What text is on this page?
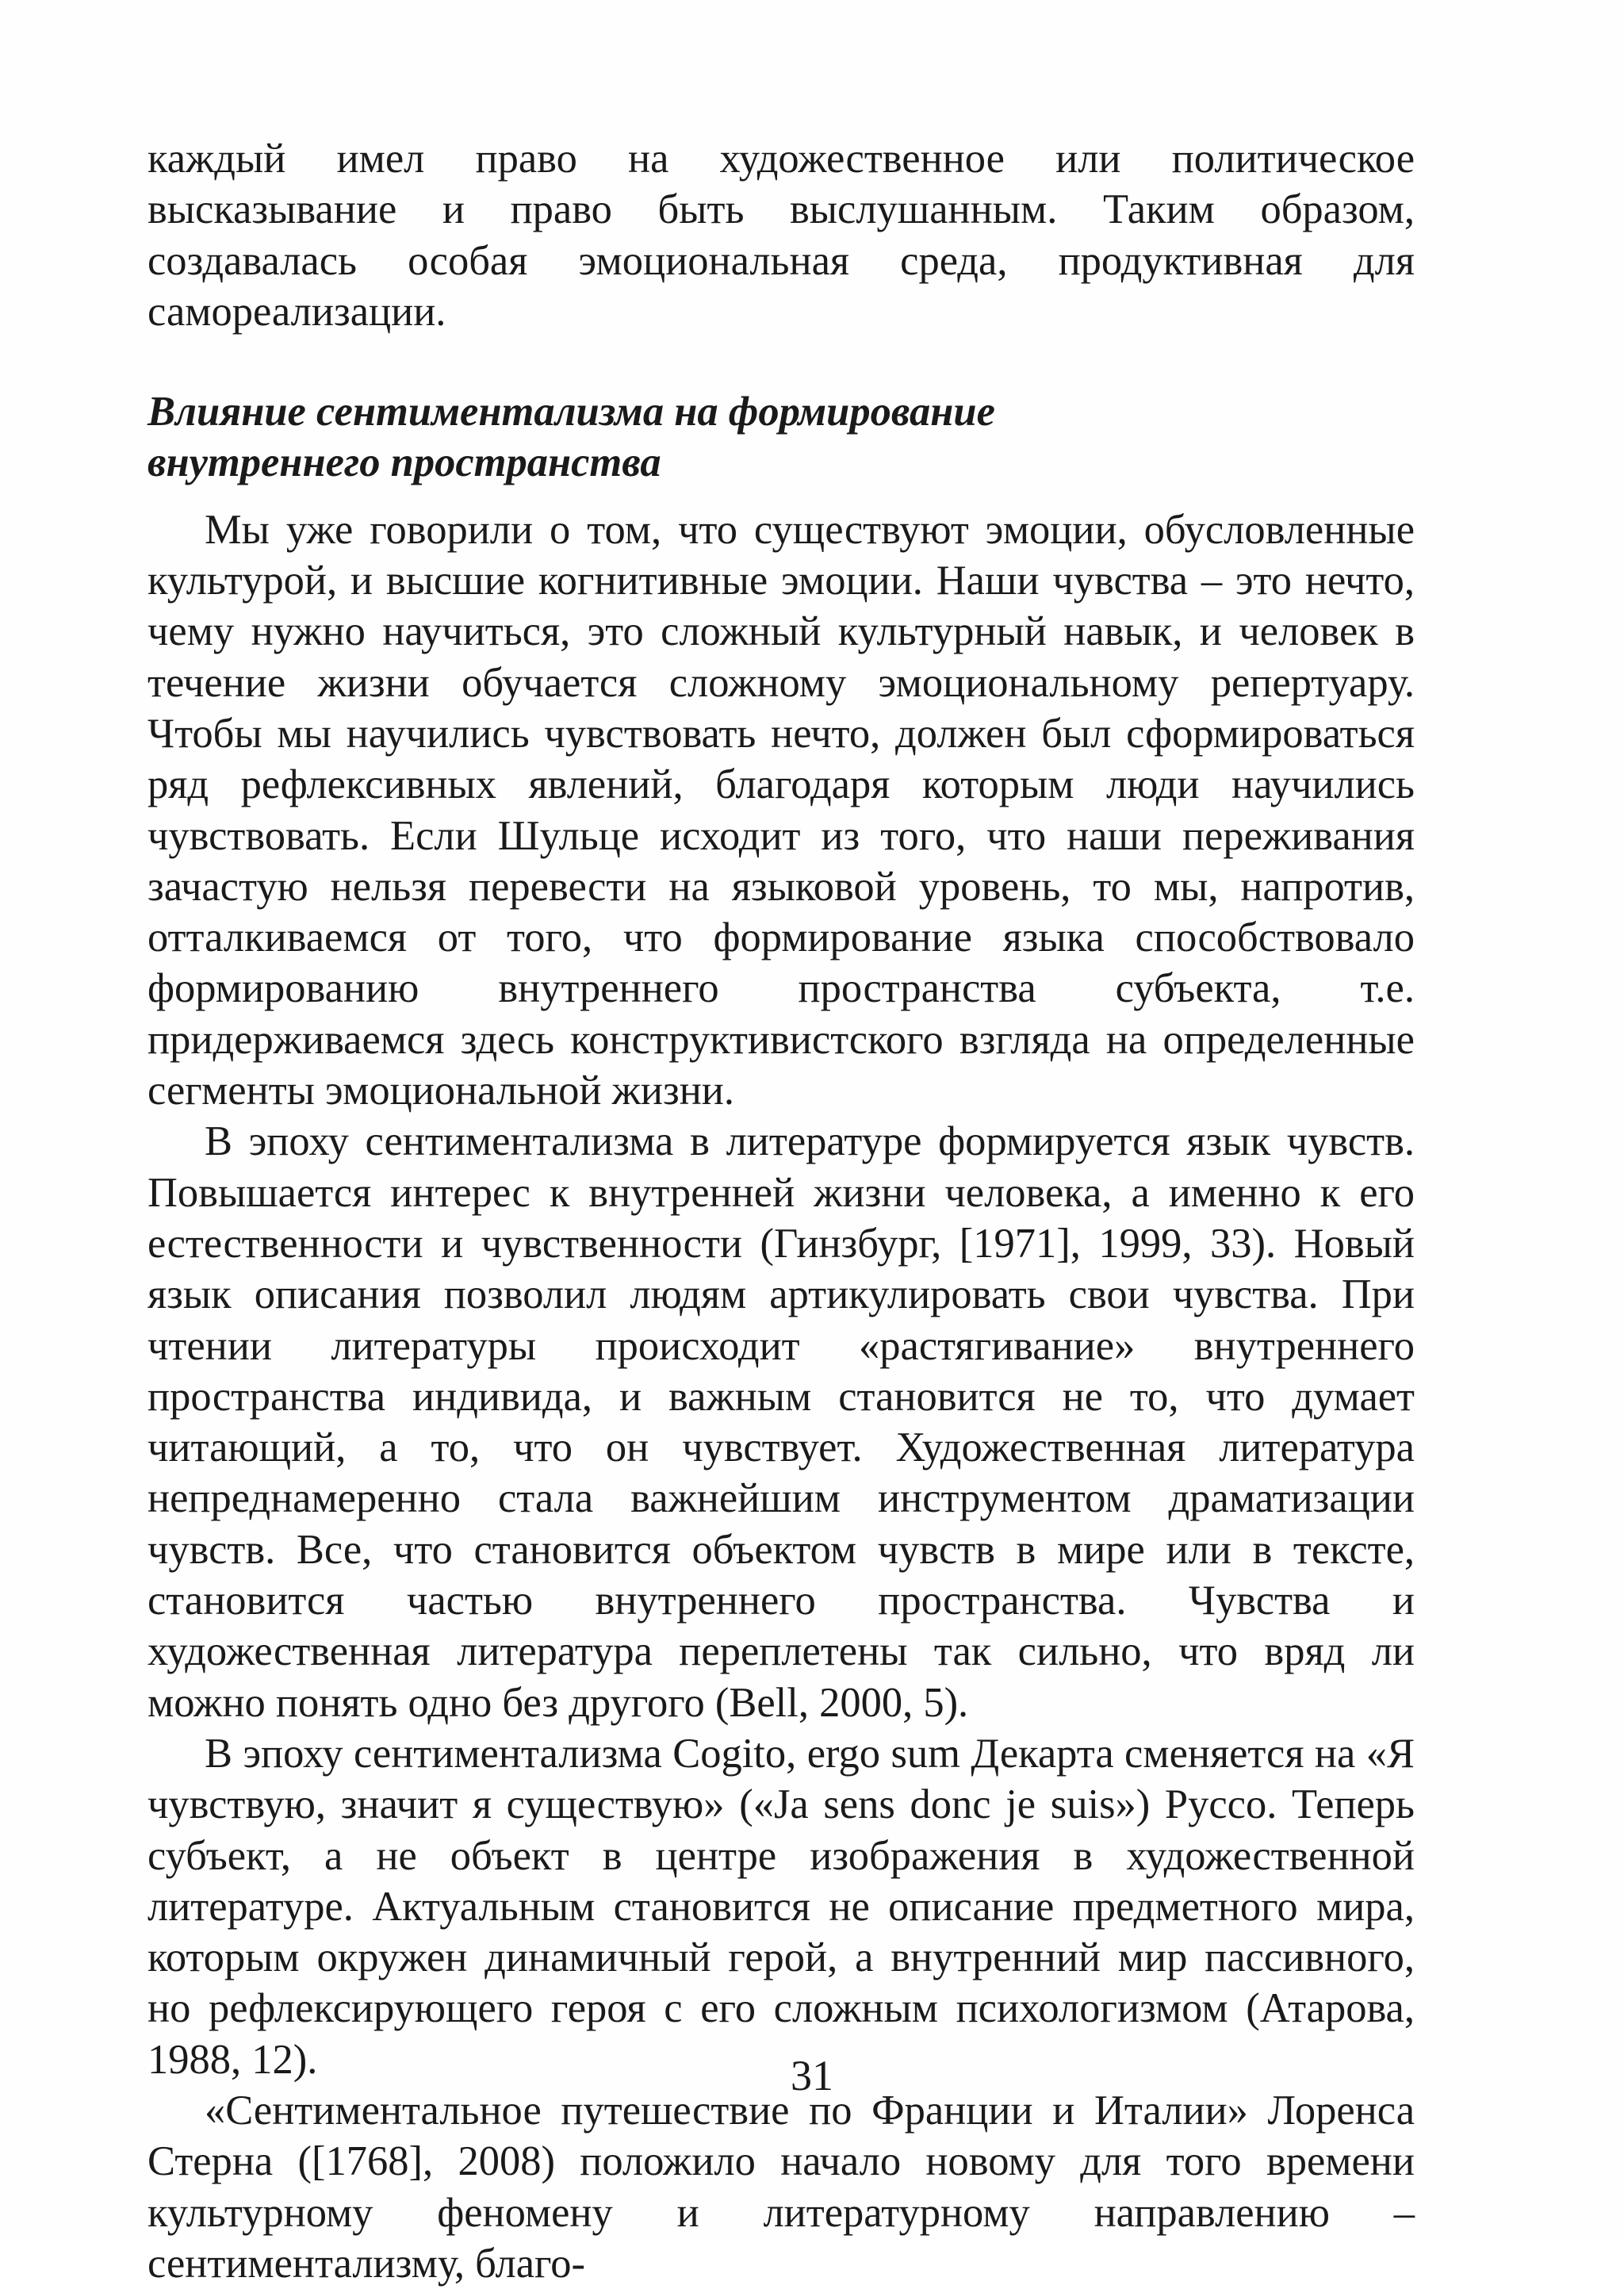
каждый имел право на художественное или политическое высказывание и право быть выслушанным. Таким образом, создавалась особая эмоциональная среда, продуктивная для самореализации.

Влияние сентиментализма на формирование
внутреннего пространства

Мы уже говорили о том, что существуют эмоции, обусловленные культурой, и высшие когнитивные эмоции. Наши чувства – это нечто, чему нужно научиться, это сложный культурный навык, и человек в течение жизни обучается сложному эмоциональному репертуару. Чтобы мы научились чувствовать нечто, должен был сформироваться ряд рефлексивных явлений, благодаря которым люди научились чувствовать. Если Шульце исходит из того, что наши переживания зачастую нельзя перевести на языковой уровень, то мы, напротив, отталкиваемся от того, что формирование языка способствовало формированию внутреннего пространства субъекта, т.е. придерживаемся здесь конструктивистского взгляда на определенные сегменты эмоциональной жизни.

В эпоху сентиментализма в литературе формируется язык чувств. Повышается интерес к внутренней жизни человека, а именно к его естественности и чувственности (Гинзбург, [1971], 1999, 33). Новый язык описания позволил людям артикулировать свои чувства. При чтении литературы происходит «растягивание» внутреннего пространства индивида, и важным становится не то, что думает читающий, а то, что он чувствует. Художественная литература непреднамеренно стала важнейшим инструментом драматизации чувств. Все, что становится объектом чувств в мире или в тексте, становится частью внутреннего пространства. Чувства и художественная литература переплетены так сильно, что вряд ли можно понять одно без другого (Bell, 2000, 5).

В эпоху сентиментализма Cogito, ergo sum Декарта сменяется на «Я чувствую, значит я существую» («Ja sens donc je suis») Руссо. Теперь субъект, а не объект в центре изображения в художественной литературе. Актуальным становится не описание предметного мира, которым окружен динамичный герой, а внутренний мир пассивного, но рефлексирующего героя с его сложным психологизмом (Атарова, 1988, 12).

«Сентиментальное путешествие по Франции и Италии» Лоренса Стерна ([1768], 2008) положило начало новому для того времени культурному феномену и литературному направлению – сентиментализму, благо-

31
